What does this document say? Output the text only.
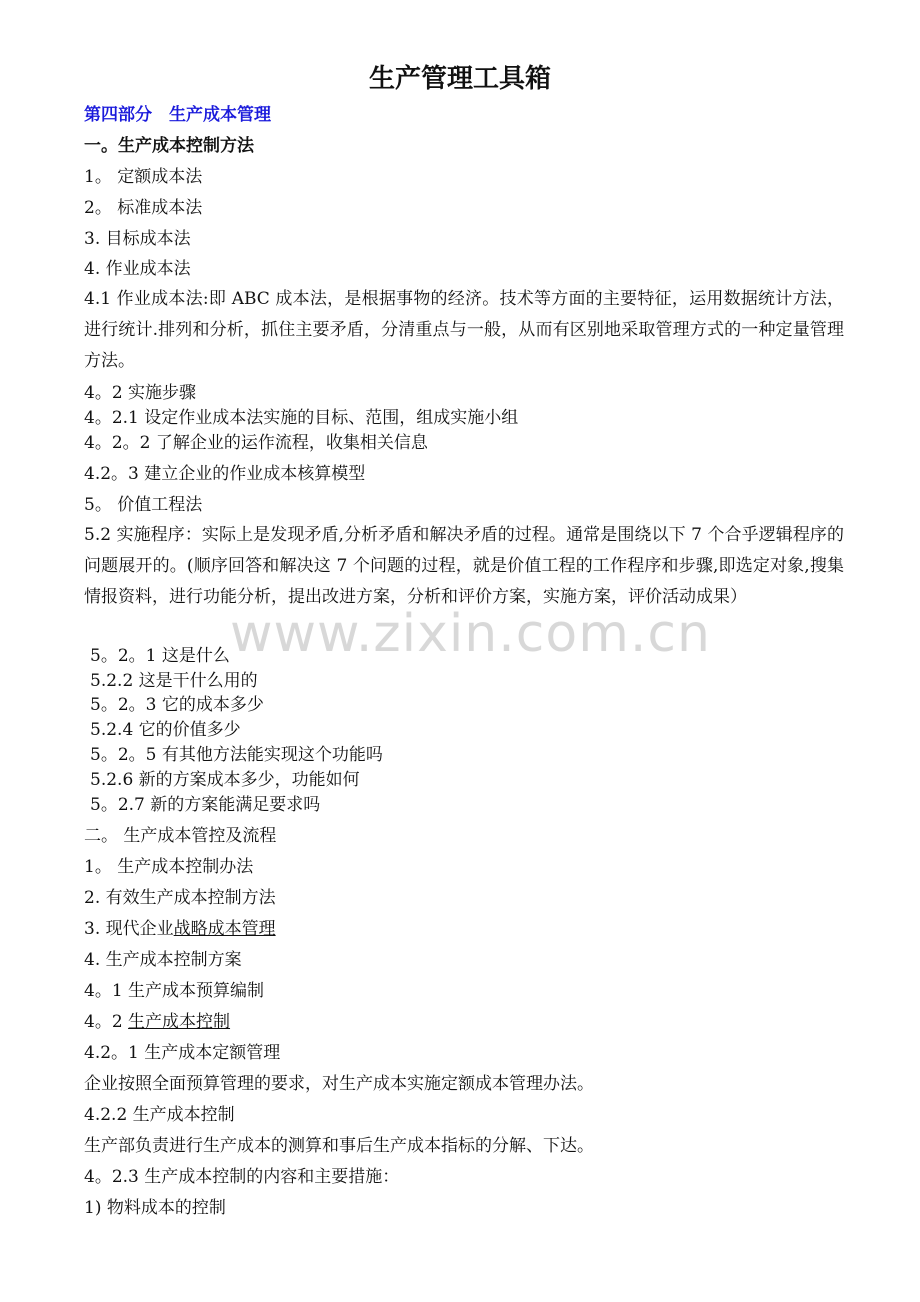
生产管理工具箱

第四部分　生产成本管理

一。生产成本控制方法

1。 定额成本法

2。 标准成本法

3. 目标成本法

4. 作业成本法

4.1 作业成本法:即 ABC 成本法，是根据事物的经济。技术等方面的主要特征，运用数据统计方法，进行统计.排列和分析，抓住主要矛盾，分清重点与一般，从而有区别地采取管理方式的一种定量管理方法。

4。2 实施步骤

4。2.1 设定作业成本法实施的目标、范围，组成实施小组

4。2。2 了解企业的运作流程，收集相关信息

4.2。3 建立企业的作业成本核算模型

5。 价值工程法

5.2 实施程序：实际上是发现矛盾,分析矛盾和解决矛盾的过程。通常是围绕以下 7 个合乎逻辑程序的问题展开的。(顺序回答和解决这 7 个问题的过程，就是价值工程的工作程序和步骤,即选定对象,搜集情报资料，进行功能分析，提出改进方案，分析和评价方案，实施方案，评价活动成果）

5。2。1 这是什么

5.2.2 这是干什么用的

5。2。3 它的成本多少

5.2.4 它的价值多少

5。2。5 有其他方法能实现这个功能吗

5.2.6 新的方案成本多少，功能如何

5。2.7 新的方案能满足要求吗

二。 生产成本管控及流程

1。 生产成本控制办法

2. 有效生产成本控制方法

3. 现代企业战略成本管理

4. 生产成本控制方案

4。1 生产成本预算编制

4。2 生产成本控制

4.2。1 生产成本定额管理

企业按照全面预算管理的要求，对生产成本实施定额成本管理办法。

4.2.2 生产成本控制

生产部负责进行生产成本的测算和事后生产成本指标的分解、下达。

4。2.3 生产成本控制的内容和主要措施：

1) 物料成本的控制

www.zixin.com.cn
